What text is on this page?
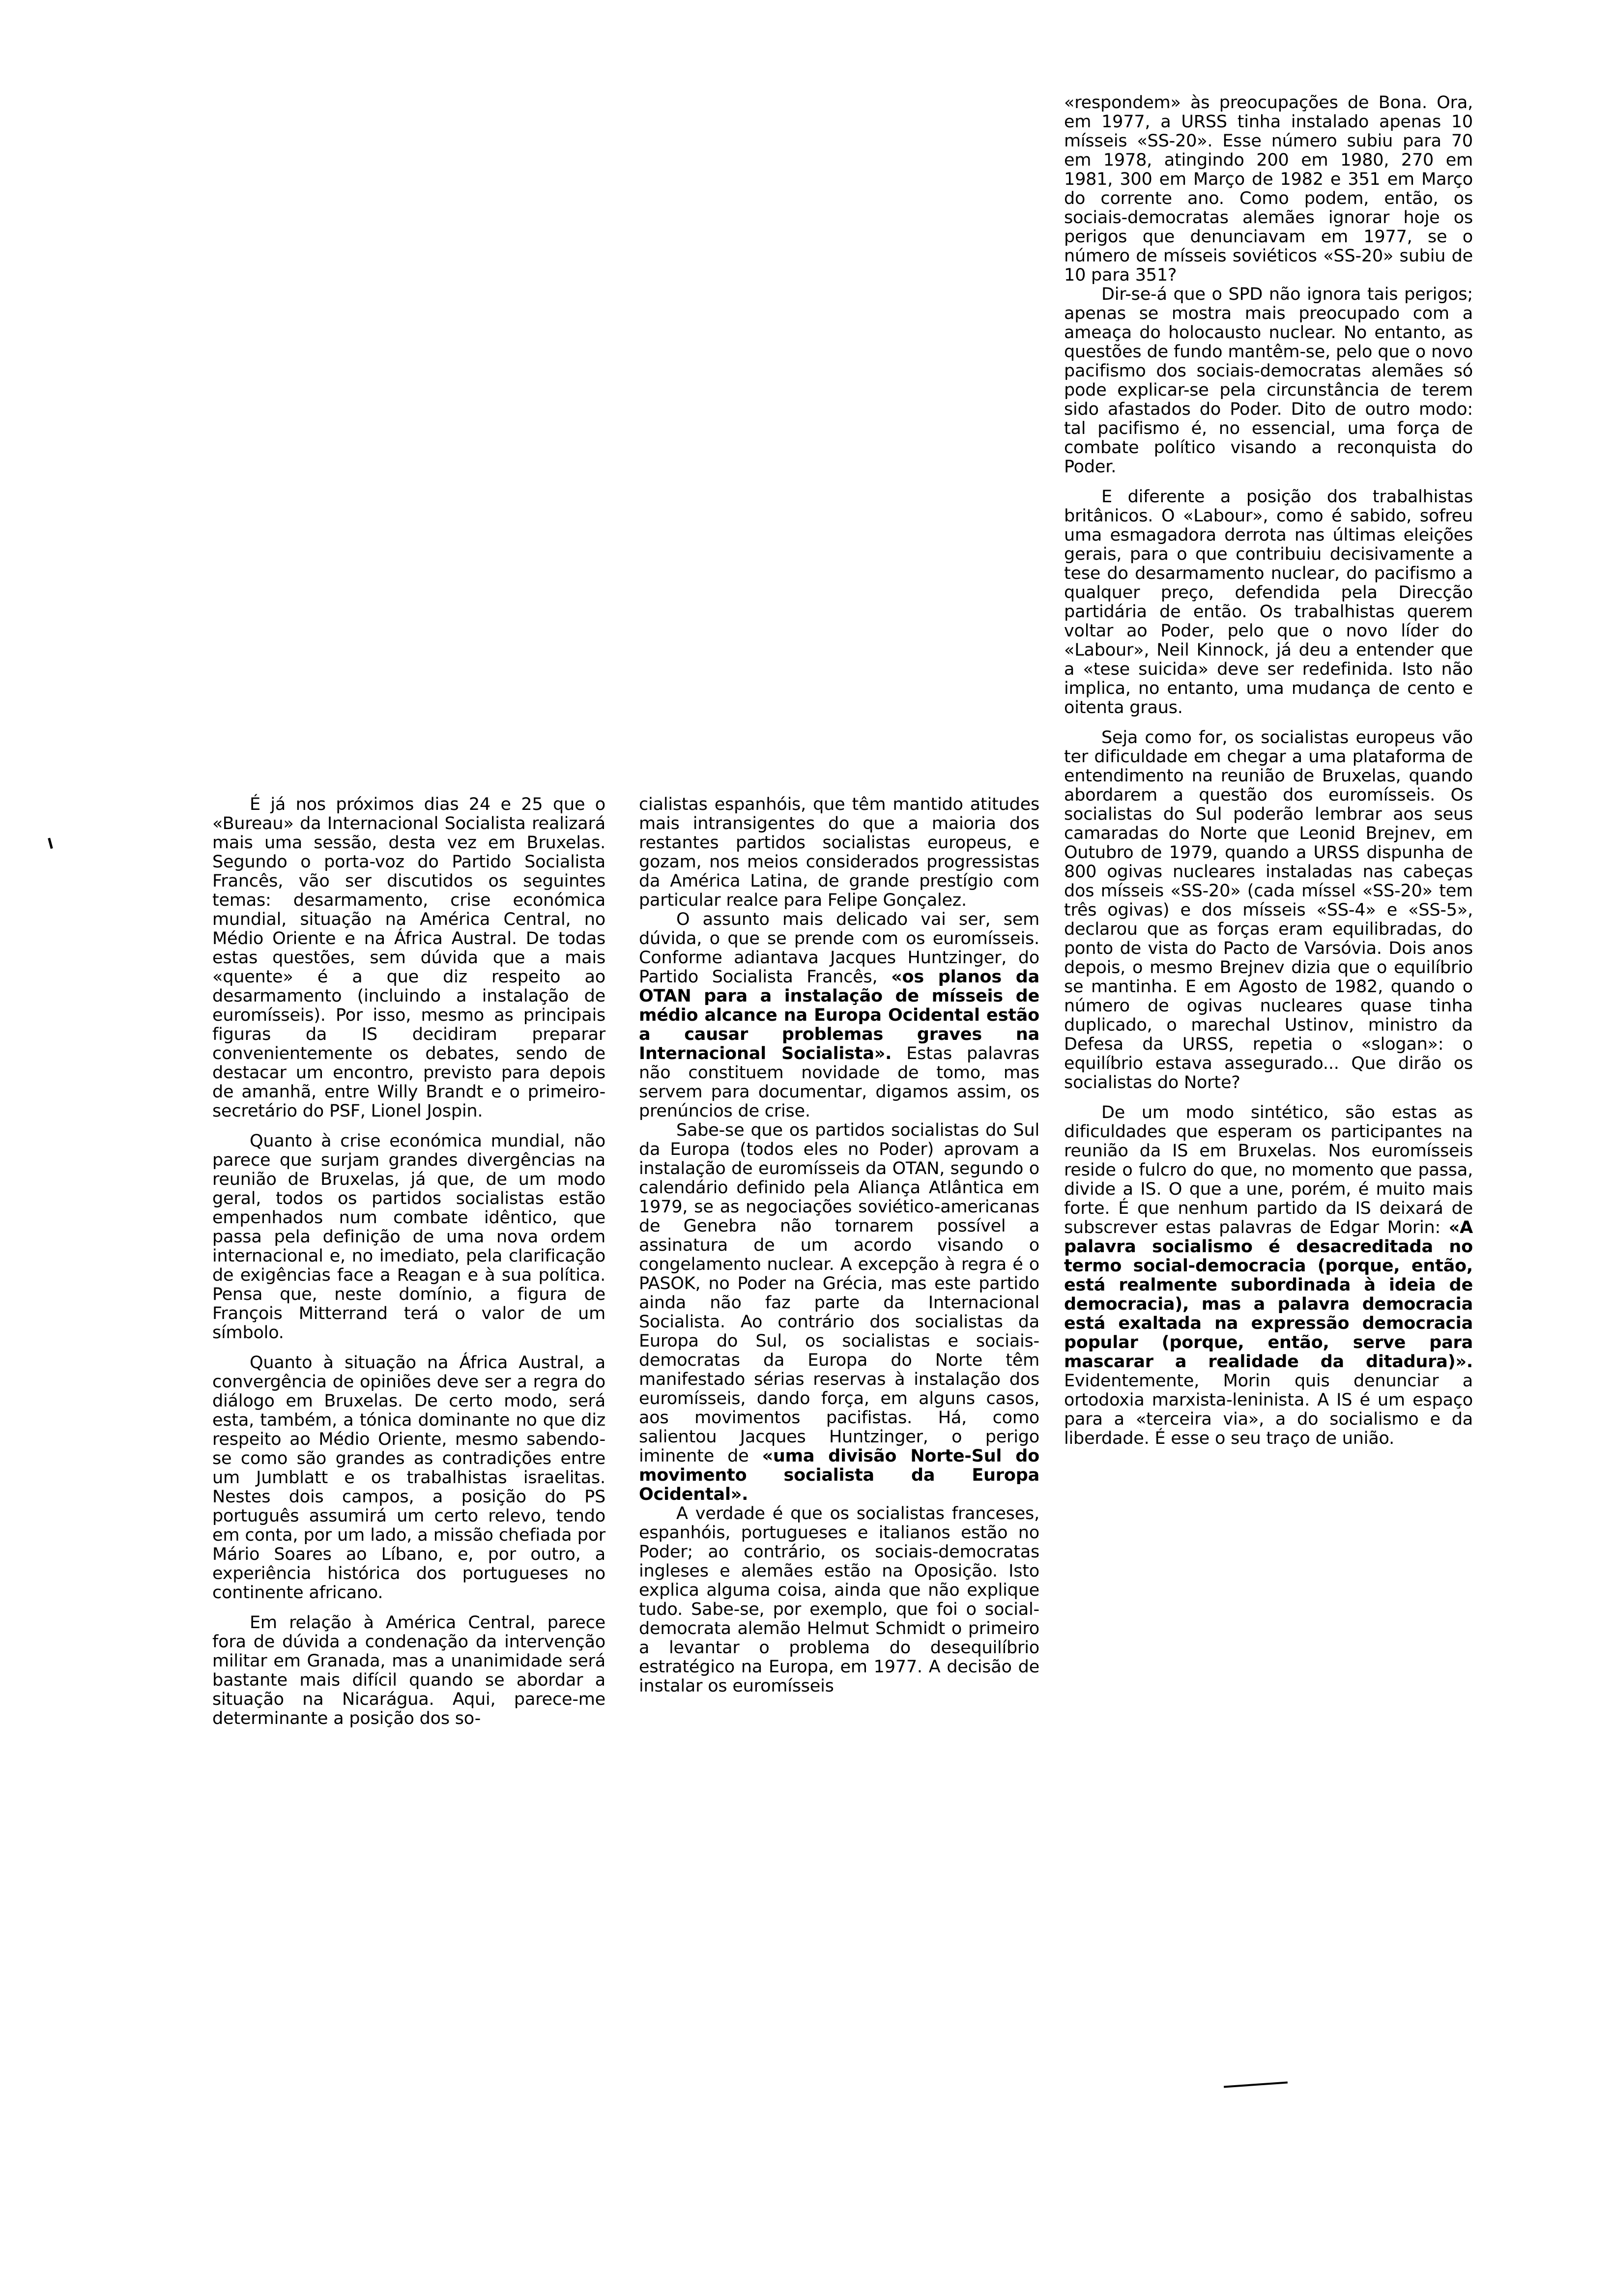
É já nos próximos dias 24 e 25 que o «Bureau» da Internacional Socialista realizará mais uma sessão, desta vez em Bruxelas. Segundo o porta-voz do Partido Socialista Francês, vão ser discutidos os seguintes temas: desarmamento, crise económica mundial, situação na América Central, no Médio Oriente e na África Austral. De todas estas questões, sem dúvida que a mais «quente» é a que diz respeito ao desarmamento (incluindo a instalação de euromísseis). Por isso, mesmo as principais figuras da IS decidiram preparar convenientemente os debates, sendo de destacar um encontro, previsto para depois de amanhã, entre Willy Brandt e o primeiro-secretário do PSF, Lionel Jospin.

Quanto à crise económica mundial, não parece que surjam grandes divergências na reunião de Bruxelas, já que, de um modo geral, todos os partidos socialistas estão empenhados num combate idêntico, que passa pela definição de uma nova ordem internacional e, no imediato, pela clarificação de exigências face a Reagan e à sua política. Pensa que, neste domínio, a figura de François Mitterrand terá o valor de um símbolo.

Quanto à situação na África Austral, a convergência de opiniões deve ser a regra do diálogo em Bruxelas. De certo modo, será esta, também, a tónica dominante no que diz respeito ao Médio Oriente, mesmo sabendo-se como são grandes as contradições entre um Jumblatt e os trabalhistas israelitas. Nestes dois campos, a posição do PS português assumirá um certo relevo, tendo em conta, por um lado, a missão chefiada por Mário Soares ao Líbano, e, por outro, a experiência histórica dos portugueses no continente africano.

Em relação à América Central, parece fora de dúvida a condenação da intervenção militar em Granada, mas a unanimidade será bastante mais difícil quando se abordar a situação na Nicarágua. Aqui, parece-me determinante a posição dos so-

cialistas espanhóis, que têm mantido atitudes mais intransigentes do que a maioria dos restantes partidos socialistas europeus, e gozam, nos meios considerados progressistas da América Latina, de grande prestígio com particular realce para Felipe Gonçalez.

O assunto mais delicado vai ser, sem dúvida, o que se prende com os euromísseis. Conforme adiantava Jacques Huntzinger, do Partido Socialista Francês, «os planos da OTAN para a instalação de mísseis de médio alcance na Europa Ocidental estão a causar problemas graves na Internacional Socialista». Estas palavras não constituem novidade de tomo, mas servem para documentar, digamos assim, os prenúncios de crise.

Sabe-se que os partidos socialistas do Sul da Europa (todos eles no Poder) aprovam a instalação de euromísseis da OTAN, segundo o calendário definido pela Aliança Atlântica em 1979, se as negociações soviético-americanas de Genebra não tornarem possível a assinatura de um acordo visando o congelamento nuclear. A excepção à regra é o PASOK, no Poder na Grécia, mas este partido ainda não faz parte da Internacional Socialista. Ao contrário dos socialistas da Europa do Sul, os socialistas e sociais-democratas da Europa do Norte têm manifestado sérias reservas à instalação dos euromísseis, dando força, em alguns casos, aos movimentos pacifistas. Há, como salientou Jacques Huntzinger, o perigo iminente de «uma divisão Norte-Sul do movimento socialista da Europa Ocidental».

A verdade é que os socialistas franceses, espanhóis, portugueses e italianos estão no Poder; ao contrário, os sociais-democratas ingleses e alemães estão na Oposição. Isto explica alguma coisa, ainda que não explique tudo. Sabe-se, por exemplo, que foi o social-democrata alemão Helmut Schmidt o primeiro a levantar o problema do desequilíbrio estratégico na Europa, em 1977. A decisão de instalar os euromísseis

«respondem» às preocupações de Bona. Ora, em 1977, a URSS tinha instalado apenas 10 mísseis «SS-20». Esse número subiu para 70 em 1978, atingindo 200 em 1980, 270 em 1981, 300 em Março de 1982 e 351 em Março do corrente ano. Como podem, então, os sociais-democratas alemães ignorar hoje os perigos que denunciavam em 1977, se o número de mísseis soviéticos «SS-20» subiu de 10 para 351?

Dir-se-á que o SPD não ignora tais perigos; apenas se mostra mais preocupado com a ameaça do holocausto nuclear. No entanto, as questões de fundo mantêm-se, pelo que o novo pacifismo dos sociais-democratas alemães só pode explicar-se pela circunstância de terem sido afastados do Poder. Dito de outro modo: tal pacifismo é, no essencial, uma força de combate político visando a reconquista do Poder.

E diferente a posição dos trabalhistas britânicos. O «Labour», como é sabido, sofreu uma esmagadora derrota nas últimas eleições gerais, para o que contribuiu decisivamente a tese do desarmamento nuclear, do pacifismo a qualquer preço, defendida pela Direcção partidária de então. Os trabalhistas querem voltar ao Poder, pelo que o novo líder do «Labour», Neil Kinnock, já deu a entender que a «tese suicida» deve ser redefinida. Isto não implica, no entanto, uma mudança de cento e oitenta graus.

Seja como for, os socialistas europeus vão ter dificuldade em chegar a uma plataforma de entendimento na reunião de Bruxelas, quando abordarem a questão dos euromísseis. Os socialistas do Sul poderão lembrar aos seus camaradas do Norte que Leonid Brejnev, em Outubro de 1979, quando a URSS dispunha de 800 ogivas nucleares instaladas nas cabeças dos mísseis «SS-20» (cada míssel «SS-20» tem três ogivas) e dos mísseis «SS-4» e «SS-5», declarou que as forças eram equilibradas, do ponto de vista do Pacto de Varsóvia. Dois anos depois, o mesmo Brejnev dizia que o equilíbrio se mantinha. E em Agosto de 1982, quando o número de ogivas nucleares quase tinha duplicado, o marechal Ustinov, ministro da Defesa da URSS, repetia o «slogan»: o equilíbrio estava assegurado... Que dirão os socialistas do Norte?

De um modo sintético, são estas as dificuldades que esperam os participantes na reunião da IS em Bruxelas. Nos euromísseis reside o fulcro do que, no momento que passa, divide a IS. O que a une, porém, é muito mais forte. É que nenhum partido da IS deixará de subscrever estas palavras de Edgar Morin: «A palavra socialismo é desacreditada no termo social-democracia (porque, então, está realmente subordinada à ideia de democracia), mas a palavra democracia está exaltada na expressão democracia popular (porque, então, serve para mascarar a realidade da ditadura)». Evidentemente, Morin quis denunciar a ortodoxia marxista-leninista. A IS é um espaço para a «terceira via», a do socialismo e da liberdade. É esse o seu traço de união.
